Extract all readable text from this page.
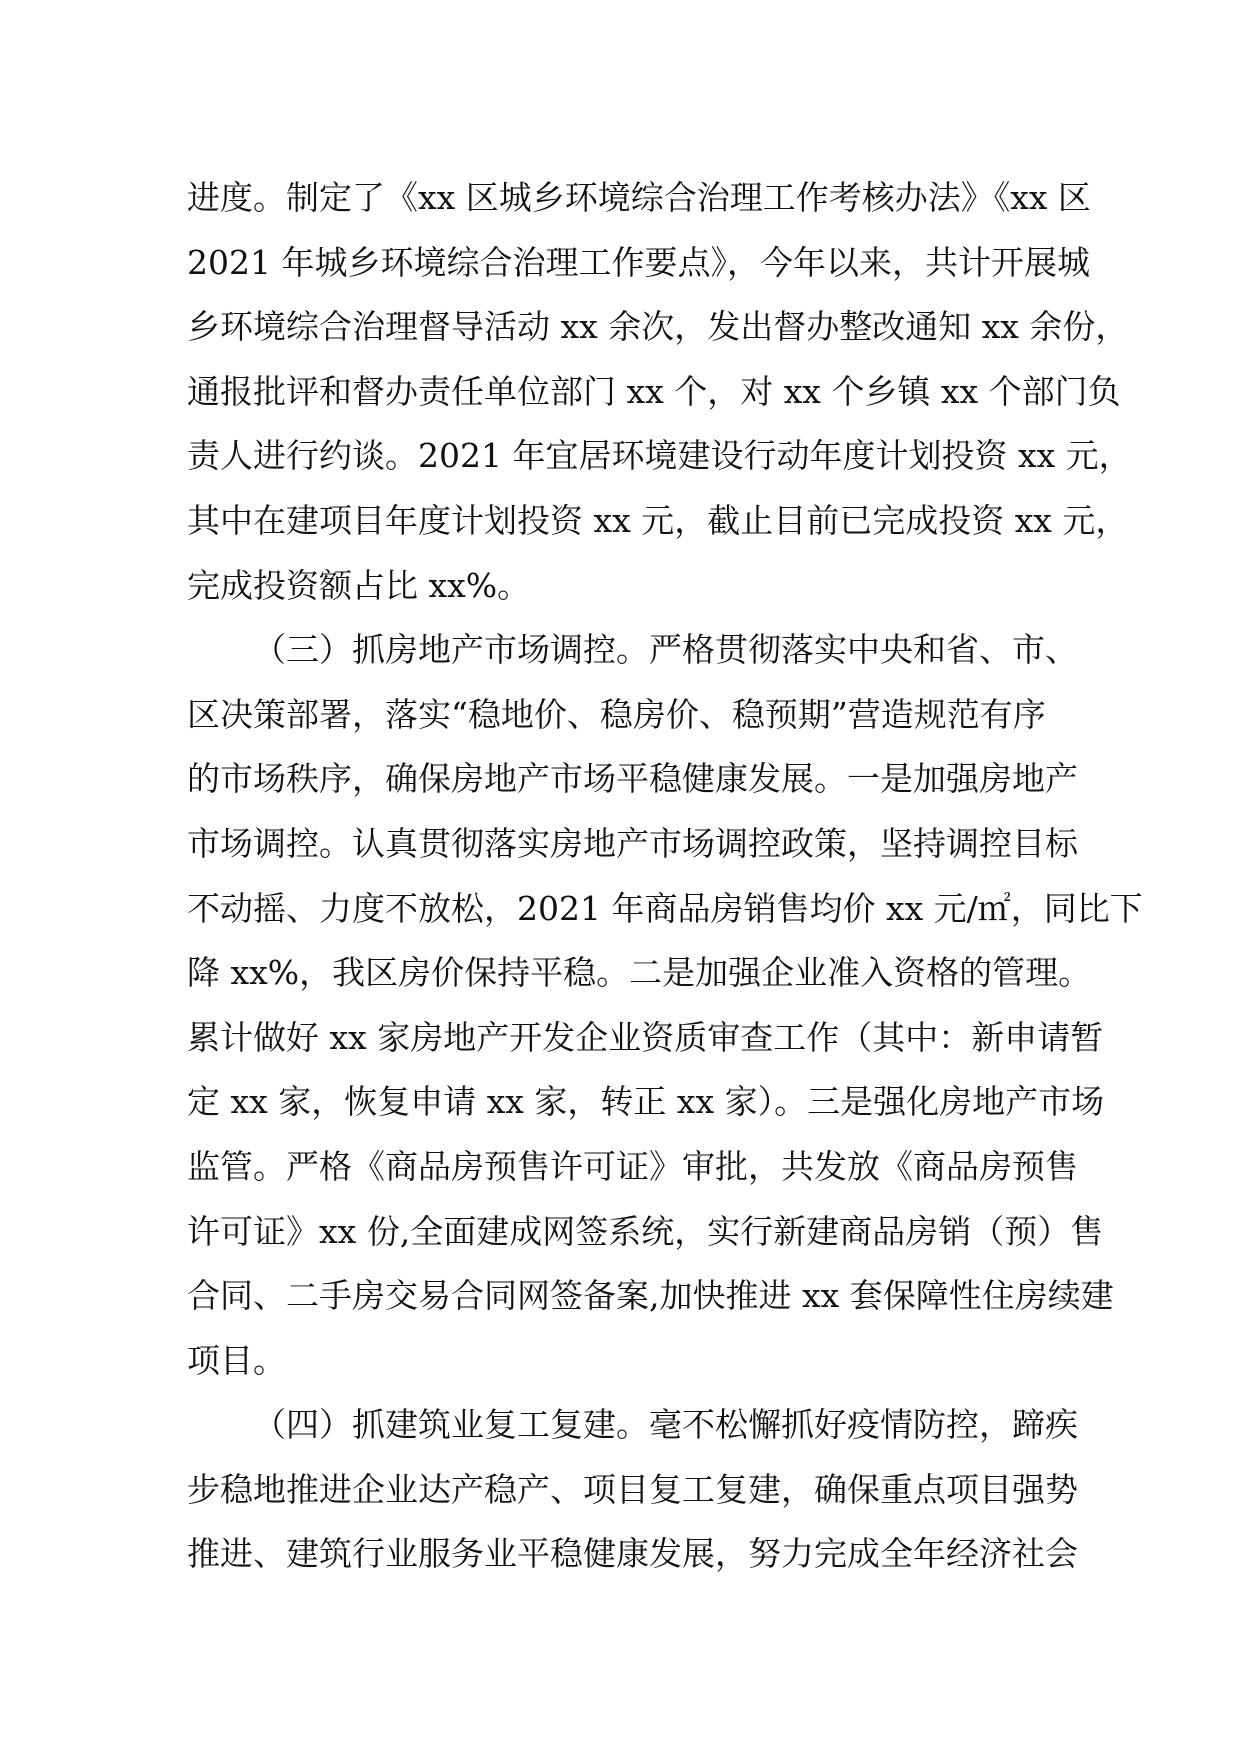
进度。制定了《xx 区城乡环境综合治理工作考核办法》《xx 区
2021 年城乡环境综合治理工作要点》，今年以来，共计开展城
乡环境综合治理督导活动 xx 余次，发出督办整改通知 xx 余份，
通报批评和督办责任单位部门 xx 个，对 xx 个乡镇 xx 个部门负
责人进行约谈。2021 年宜居环境建设行动年度计划投资 xx 元，
其中在建项目年度计划投资 xx 元，截止目前已完成投资 xx 元，
完成投资额占比 xx%。
（三）抓房地产市场调控。严格贯彻落实中央和省、市、
区决策部署，落实“稳地价、稳房价、稳预期”营造规范有序
的市场秩序，确保房地产市场平稳健康发展。一是加强房地产
市场调控。认真贯彻落实房地产市场调控政策，坚持调控目标
不动摇、力度不放松，2021 年商品房销售均价 xx 元/㎡，同比下
降 xx%，我区房价保持平稳。二是加强企业准入资格的管理。
累计做好 xx 家房地产开发企业资质审查工作（其中：新申请暂
定 xx 家，恢复申请 xx 家，转正 xx 家）。三是强化房地产市场
监管。严格《商品房预售许可证》审批，共发放《商品房预售
许可证》xx 份,全面建成网签系统，实行新建商品房销（预）售
合同、二手房交易合同网签备案,加快推进 xx 套保障性住房续建
项目。
（四）抓建筑业复工复建。毫不松懈抓好疫情防控，蹄疾
步稳地推进企业达产稳产、项目复工复建，确保重点项目强势
推进、建筑行业服务业平稳健康发展，努力完成全年经济社会
